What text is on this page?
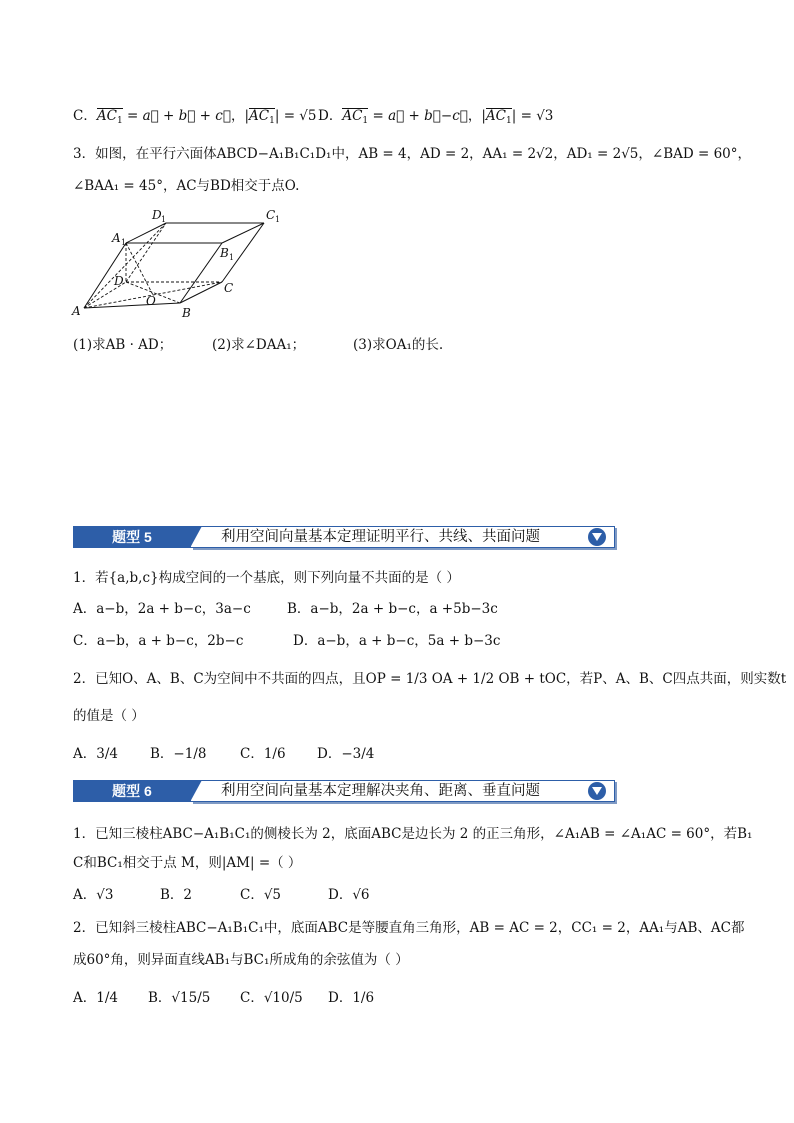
C．$AC_1$ = a⃗ + b⃗ + c⃗，$|AC_1| = √5$ D．$AC_1$ = a⃗ + b⃗−c⃗，$|AC_1| = √3$
3．如图，在平行六面体ABCD−A₁B₁C₁D₁中，AB = 4，AD = 2，AA₁ = 2√2，AD₁ = 2√5，∠BAD = 60°，
∠BAA₁ = 45°，AC与BD相交于点O.
D 1	C 1
A 1
B 1
D	C
O
A	B
(1)求AB · AD；	(2)求∠DAA₁；	(3)求OA₁的长.
题型 5	利用空间向量基本定理证明平行、共线、共面问题
1．若{a,b,c}构成空间的一个基底，则下列向量不共面的是（ ）
A．a−b，2a + b−c，3a−c	B．a−b，2a + b−c，a +5b−3c
C．a−b，a + b−c，2b−c	D．a−b，a + b−c，5a + b−3c
2．已知O、A、B、C为空间中不共面的四点，且OP = 1/3 OA + 1/2 OB + tOC，若P、A、B、C四点共面，则实数t
的值是（ ）
A．3/4 B．−1/8 C．1/6 D．−3/4
题型 6	利用空间向量基本定理解决夹角、距离、垂直问题
1．已知三棱柱ABC−A₁B₁C₁的侧棱长为 2，底面ABC是边长为 2 的正三角形，∠A₁AB = ∠A₁AC = 60°，若B₁
C和BC₁相交于点 M，则|AM| =（ ）
A．√3	B．2	C．√5	D．√6
2．已知斜三棱柱ABC−A₁B₁C₁中，底面ABC是等腰直角三角形，AB = AC = 2，CC₁ = 2，AA₁与AB、AC都
成60°角，则异面直线AB₁与BC₁所成角的余弦值为（ ）
A．1/4 B．√15/5 C．√10/5 D．1/6
